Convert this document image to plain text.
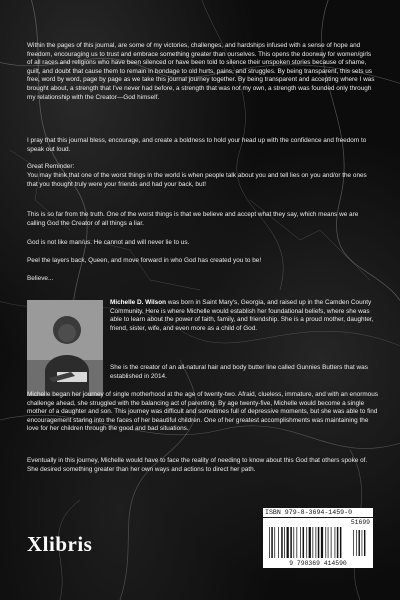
Within the pages of this journal, are some of my victories, challenges, and hardships infused with a sense of hope and freedom, encouraging us to trust and embrace something greater than ourselves. This opens the doorway for women/girls of all races and religions who have been silenced or have been told to silence their unspoken stories because of shame, guilt, and doubt that cause them to remain in bondage to old hurts, pains, and struggles. By being transparent, this sets us free, word by word, page by page as we take this journal journey together. By being transparent and accepting where I was brought about, a strength that I've never had before, a strength that was not my own, a strength was founded only through my relationship with the Creator—God himself.
I pray that this journal bless, encourage, and create a boldness to hold your head up with the confidence and freedom to speak out loud.
Great Reminder:
You may think that one of the worst things in the world is when people talk about you and tell lies on you and/or the ones that you thought truly were your friends and had your back, but!
This is so far from the truth. One of the worst things is that we believe and accept what they say, which means we are calling God the Creator of all things a liar.
God is not like man/us. He cannot and will never lie to us.
Peel the layers back, Queen, and move forward in who God has created you to be!
Believe...
Michelle D. Wilson was born in Saint Mary's, Georgia, and raised up in the Camden County Community. Here is where Michelle would establish her foundational beliefs, where she was able to learn about the power of faith, family, and friendship. She is a proud mother, daughter, friend, sister, wife, and even more as a child of God.
She is the creator of an all-natural hair and body butter line called Gunnies Butters that was established in 2014.
Michelle began her journey of single motherhood at the age of twenty-two. Afraid, clueless, immature, and with an enormous challenge ahead, she struggled with the balancing act of parenting. By age twenty-five, Michelle would become a single mother of a daughter and son. This journey was difficult and sometimes full of depressive moments, but she was able to find encouragement staring into the faces of her beautiful children. One of her greatest accomplishments was maintaining the love for her children through the good and bad situations.
Eventually in this journey, Michelle would have to face the reality of needing to know about this God that others spoke of. She desired something greater than her own ways and actions to direct her path.
ISBN 979-8-3694-1459-0
51699
9 798369 414590
Xlibris
